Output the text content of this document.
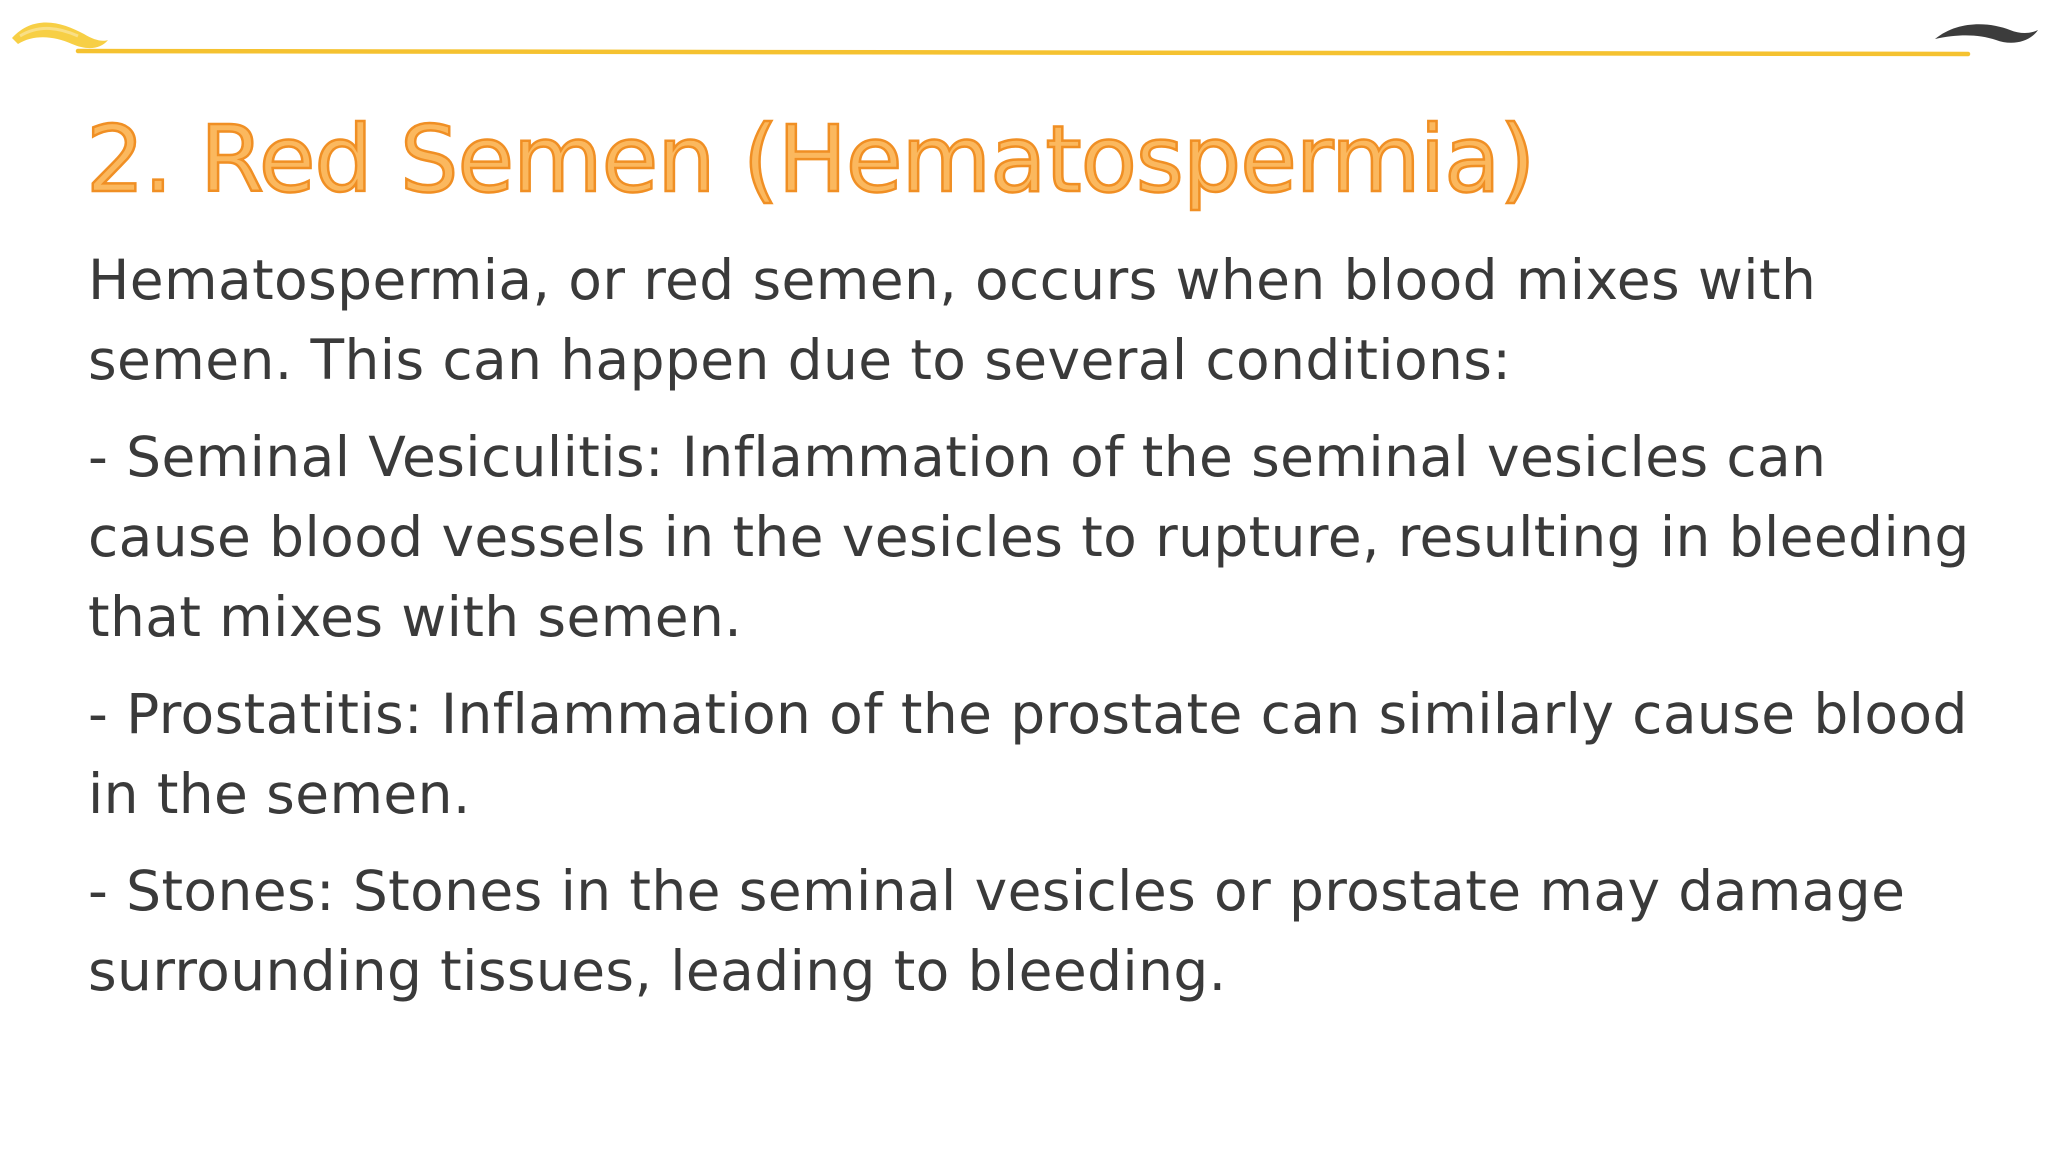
2. Red Semen (Hematospermia)

Hematospermia, or red semen, occurs when blood mixes with semen. This can happen due to several conditions:

- Seminal Vesiculitis: Inflammation of the seminal vesicles can cause blood vessels in the vesicles to rupture, resulting in bleeding that mixes with semen.

- Prostatitis: Inflammation of the prostate can similarly cause blood in the semen.

- Stones: Stones in the seminal vesicles or prostate may damage surrounding tissues, leading to bleeding.
